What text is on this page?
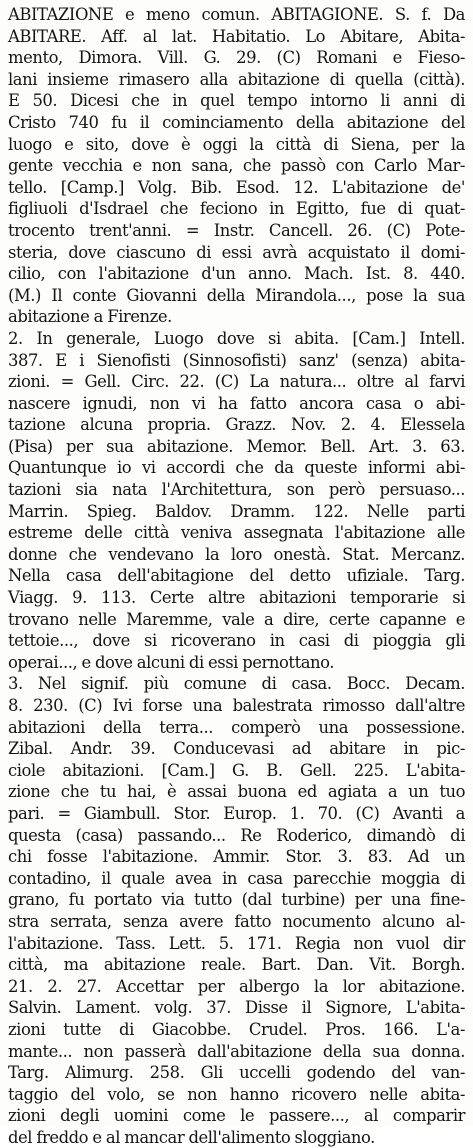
ABITAZIONE e meno comun. ABITAGIONE. S. f. Da
ABITARE. Aff. al lat. Habitatio. Lo Abitare, Abita-
mento, Dimora. Vill. G. 29. (C) Romani e Fieso-
lani insieme rimasero alla abitazione di quella (città).
E 50. Dicesi che in quel tempo intorno li anni di
Cristo 740 fu il cominciamento della abitazione del
luogo e sito, dove è oggi la città di Siena, per la
gente vecchia e non sana, che passò con Carlo Mar-
tello. [Camp.] Volg. Bib. Esod. 12. L'abitazione de'
figliuoli d'Isdrael che feciono in Egitto, fue di quat-
trocento trent'anni. = Instr. Cancell. 26. (C) Pote-
steria, dove ciascuno di essi avrà acquistato il domi-
cilio, con l'abitazione d'un anno. Mach. Ist. 8. 440.
(M.) Il conte Giovanni della Mirandola..., pose la sua
abitazione a Firenze.
2. In generale, Luogo dove si abita. [Cam.] Intell.
387. E i Sienofisti (Sinnosofisti) sanz' (senza) abita-
zioni. = Gell. Circ. 22. (C) La natura... oltre al farvi
nascere ignudi, non vi ha fatto ancora casa o abi-
tazione alcuna propria. Grazz. Nov. 2. 4. Elessela
(Pisa) per sua abitazione. Memor. Bell. Art. 3. 63.
Quantunque io vi accordi che da queste informi abi-
tazioni sia nata l'Architettura, son però persuaso...
Marrin. Spieg. Baldov. Dramm. 122. Nelle parti
estreme delle città veniva assegnata l'abitazione alle
donne che vendevano la loro onestà. Stat. Mercanz.
Nella casa dell'abitagione del detto ufiziale. Targ.
Viagg. 9. 113. Certe altre abitazioni temporarie si
trovano nelle Maremme, vale a dire, certe capanne e
tettoie..., dove si ricoverano in casi di pioggia gli
operai..., e dove alcuni di essi pernottano.
3. Nel signif. più comune di casa. Bocc. Decam.
8. 230. (C) Ivi forse una balestrata rimosso dall'altre
abitazioni della terra... comperò una possessione.
Zibal. Andr. 39. Conducevasi ad abitare in pic-
ciole abitazioni. [Cam.] G. B. Gell. 225. L'abita-
zione che tu hai, è assai buona ed agiata a un tuo
pari. = Giambull. Stor. Europ. 1. 70. (C) Avanti a
questa (casa) passando... Re Roderico, dimandò di
chi fosse l'abitazione. Ammir. Stor. 3. 83. Ad un
contadino, il quale avea in casa parecchie moggia di
grano, fu portato via tutto (dal turbine) per una fine-
stra serrata, senza avere fatto nocumento alcuno al-
l'abitazione. Tass. Lett. 5. 171. Regia non vuol dir
città, ma abitazione reale. Bart. Dan. Vit. Borgh.
21. 2. 27. Accettar per albergo la lor abitazione.
Salvin. Lament. volg. 37. Disse il Signore, L'abita-
zioni tutte di Giacobbe. Crudel. Pros. 166. L'a-
mante... non passerà dall'abitazione della sua donna.
Targ. Alimurg. 258. Gli uccelli godendo del van-
taggio del volo, se non hanno ricovero nelle abita-
zioni degli uomini come le passere..., al comparir
del freddo e al mancar dell'alimento sloggiano.
